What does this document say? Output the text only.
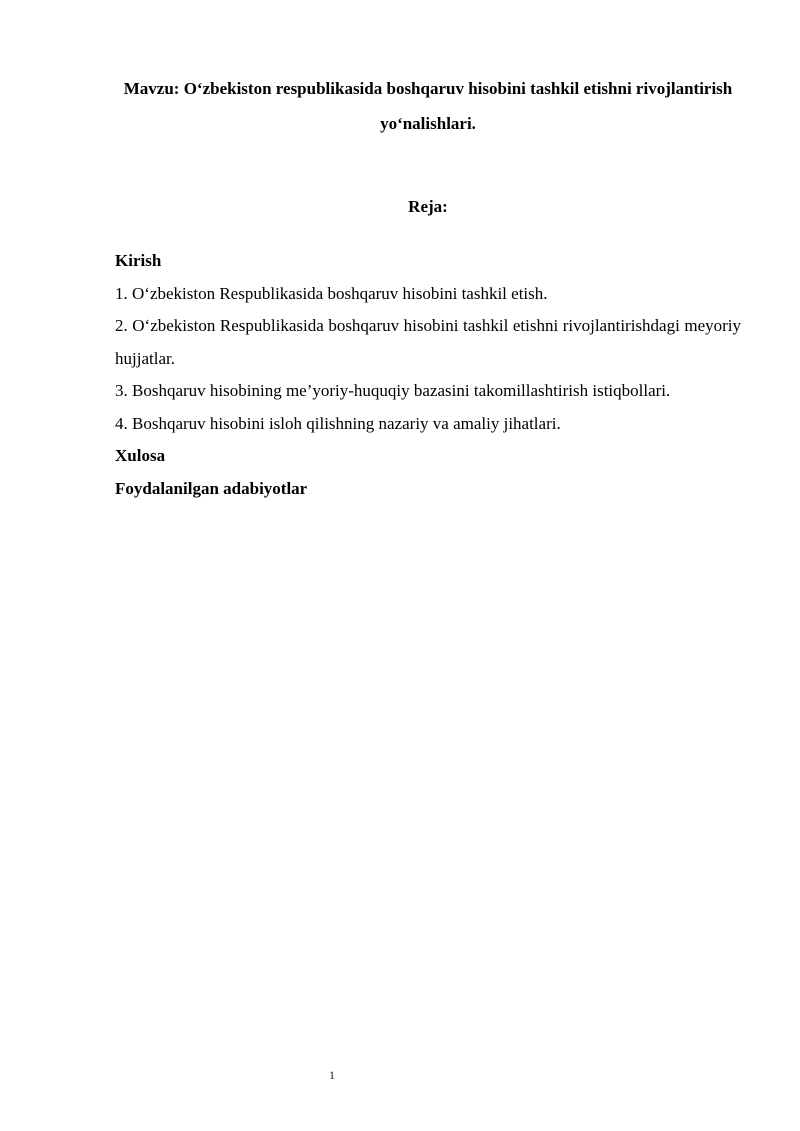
Mavzu: O‘zbekiston respublikasida boshqaruv hisobini tashkil etishni rivojlantirish yo‘nalishlari.
Reja:

Kirish

1. O‘zbekiston Respublikasida boshqaruv hisobini tashkil etish.

2. O‘zbekiston Respublikasida boshqaruv hisobini tashkil etishni rivojlantirishdagi meyoriy hujjatlar.

3. Boshqaruv hisobining me’yoriy-huquqiy bazasini takomillashtirish istiqbollari.

4. Boshqaruv hisobini isloh qilishning nazariy va amaliy jihatlari.

Xulosa

Foydalanilgan adabiyotlar

1
